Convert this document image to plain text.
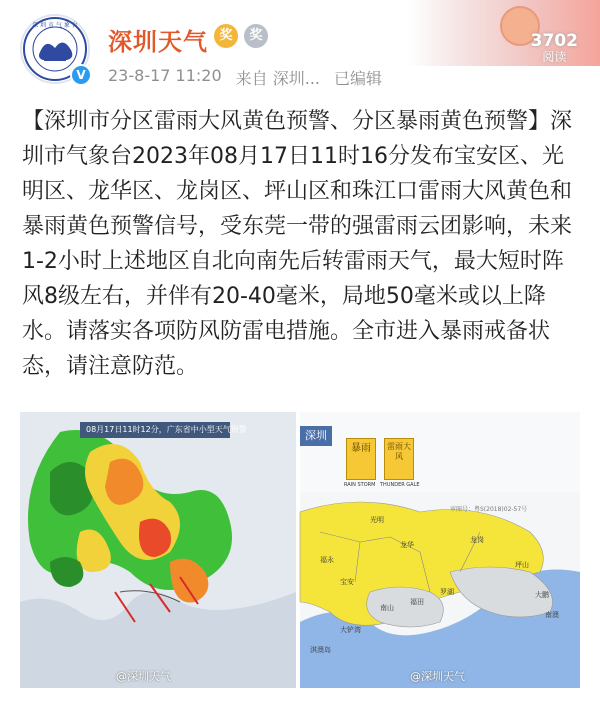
3702
阅读
深 圳 市 气 象 台
V
深圳天气 奖	奖
23-8-17 11:20 来自 深圳... 已编辑
【深圳市分区雷雨大风黄色预警、分区暴雨黄色预警】深圳市气象台2023年08月17日11时16分发布宝安区、光明区、龙华区、龙岗区、坪山区和珠江口雷雨大风黄色和暴雨黄色预警信号，受东莞一带的强雷雨云团影响，未来1-2小时上述地区自北向南先后转雷雨天气，最大短时阵风8级左右，并伴有20-40毫米，局地50毫米或以上降水。请落实各项防风防雷电措施。全市进入暴雨戒备状态，请注意防范。
08月17日11时12分，广东省中小型天气预警
@深圳天气
深圳
暴雨
RAIN STORM
雷雨大风
THUNDER GALE
福永
宝安
光明
龙华
龙岗
坪山
大鹏
南澳
南山
福田
罗湖
淇澳岛
大铲湾
审图号：粤S(2018)02-57号
@深圳天气
